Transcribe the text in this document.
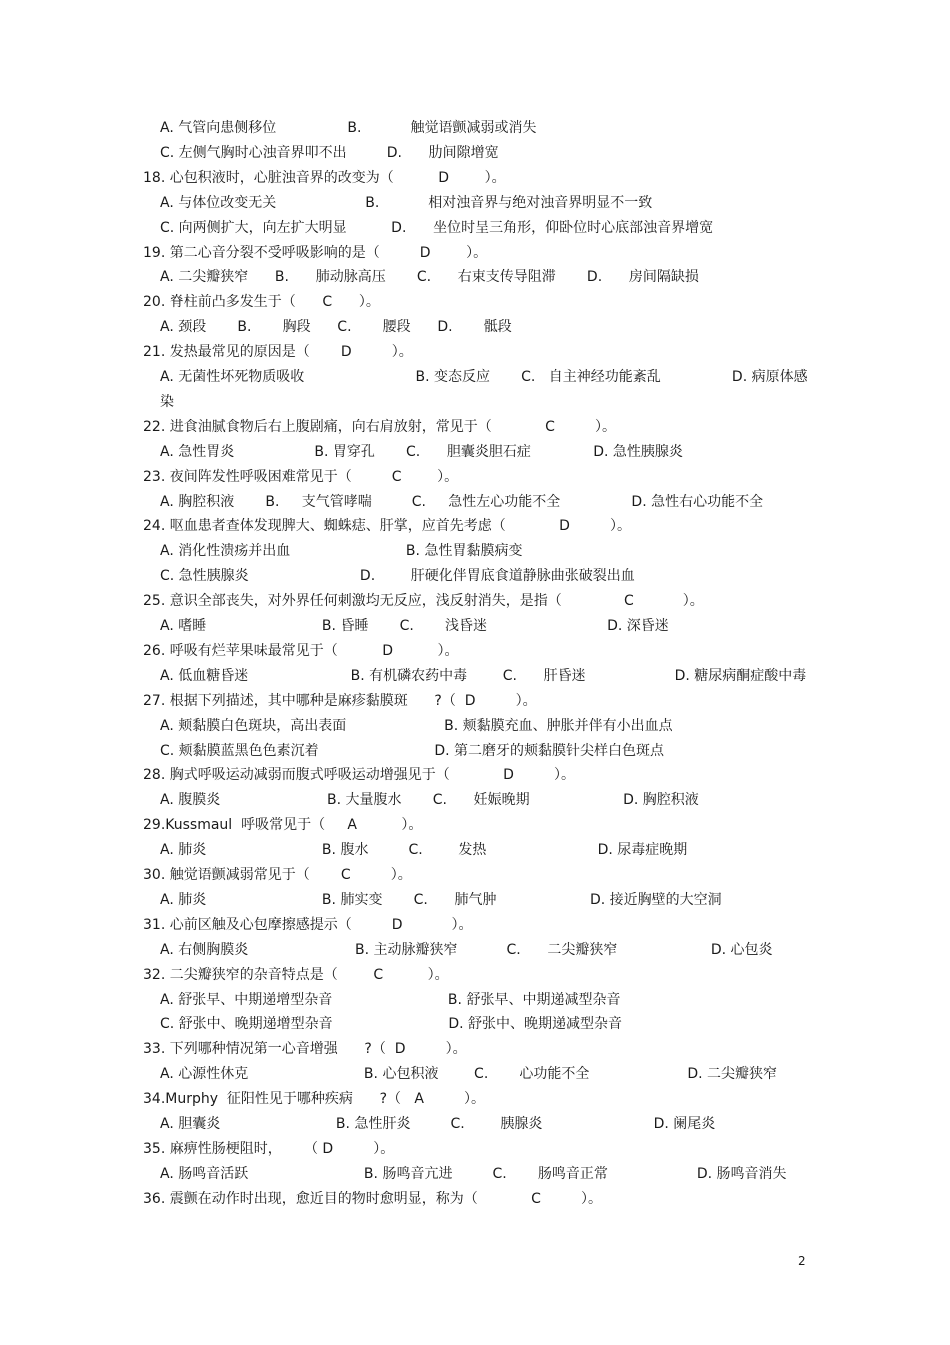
A. 气管向患侧移位                B.           触觉语颤减弱或消失
C. 左侧气胸时心浊音界叩不出         D.      肋间隙增宽
18. 心包积液时，心脏浊音界的改变为（          D        ）。
A. 与体位改变无关                    B.           相对浊音界与绝对浊音界明显不一致
C. 向两侧扩大，向左扩大明显          D.      坐位时呈三角形，仰卧位时心底部浊音界增宽
19. 第二心音分裂不受呼吸影响的是（         D        ）。
A. 二尖瓣狭窄      B.      肺动脉高压       C.      右束支传导阻滞       D.      房间隔缺损
20. 脊柱前凸多发生于（      C      ）。
A. 颈段       B.       胸段      C.       腰段      D.       骶段
21. 发热最常见的原因是（       D         ）。
A. 无菌性坏死物质吸收                         B. 变态反应       C.   自主神经功能紊乱                D. 病原体感
染
22. 进食油腻食物后右上腹剧痛，向右肩放射，常见于（            C         ）。
A. 急性胃炎                  B. 胃穿孔       C.      胆囊炎胆石症              D. 急性胰腺炎
23. 夜间阵发性呼吸困难常见于（         C        ）。
A. 胸腔积液       B.     支气管哮喘         C.     急性左心功能不全                D. 急性右心功能不全
24. 呕血患者查体发现脾大、蜘蛛痣、肝掌，应首先考虑（            D         ）。
A. 消化性溃疡并出血                          B. 急性胃黏膜病变
C. 急性胰腺炎                         D.        肝硬化伴胃底食道静脉曲张破裂出血
25. 意识全部丧失，对外界任何刺激均无反应，浅反射消失，是指（              C           ）。
A. 嗜睡                          B. 昏睡       C.       浅昏迷                           D. 深昏迷
26. 呼吸有烂苹果味最常见于（          D          ）。
A. 低血糖昏迷                       B. 有机磷农药中毒        C.      肝昏迷                    D. 糖尿病酮症酸中毒
27. 根据下列描述，其中哪种是麻疹黏膜斑      ?（  D         ）。
A. 颊黏膜白色斑块，高出表面                      B. 颊黏膜充血、肿胀并伴有小出血点
C. 颊黏膜蓝黑色色素沉着                          D. 第二磨牙的颊黏膜针尖样白色斑点
28. 胸式呼吸运动减弱而腹式呼吸运动增强见于（            D         ）。
A. 腹膜炎                        B. 大量腹水       C.      妊娠晚期                     D. 胸腔积液
29.Kussmaul  呼吸常见于（     A          ）。
A. 肺炎                          B. 腹水         C.        发热                         D. 尿毒症晚期
30. 触觉语颤减弱常见于（       C         ）。
A. 肺炎                          B. 肺实变       C.      肺气肿                     D. 接近胸壁的大空洞
31. 心前区触及心包摩擦感提示（         D           ）。
A. 右侧胸膜炎                        B. 主动脉瓣狭窄           C.      二尖瓣狭窄                     D. 心包炎
32. 二尖瓣狭窄的杂音特点是（        C          ）。
A. 舒张早、中期递增型杂音                          B. 舒张早、中期递减型杂音
C. 舒张中、晚期递增型杂音                          D. 舒张中、晚期递减型杂音
33. 下列哪种情况第一心音增强      ?（  D         ）。
A. 心源性休克                          B. 心包积液        C.       心功能不全                      D. 二尖瓣狭窄
34.Murphy  征阳性见于哪种疾病      ?（   A         ）。
A. 胆囊炎                          B. 急性肝炎         C.        胰腺炎                         D. 阑尾炎
35. 麻痹性肠梗阻时，     （ D         ）。
A. 肠鸣音活跃                          B. 肠鸣音亢进         C.       肠鸣音正常                    D. 肠鸣音消失
36. 震颤在动作时出现，愈近目的物时愈明显，称为（            C         ）。
2
